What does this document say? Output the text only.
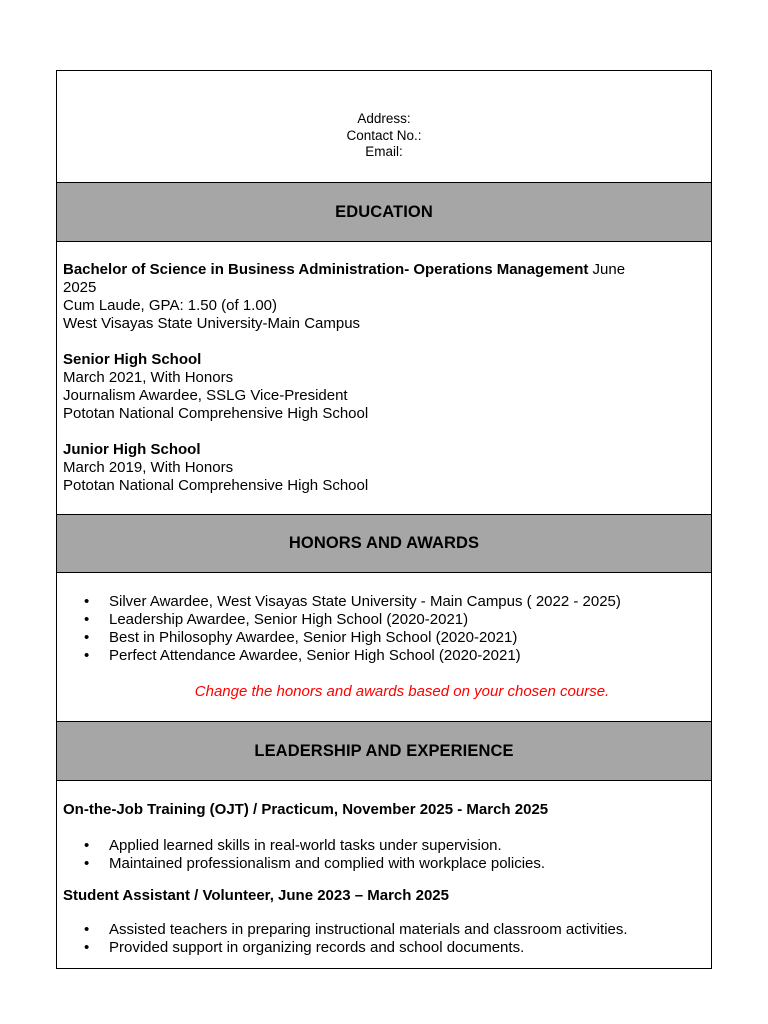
Address:
Contact No.:
Email:
EDUCATION

Bachelor of Science in Business Administration- Operations Management June

2025

Cum Laude, GPA: 1.50 (of 1.00)

West Visayas State University-Main Campus

Senior High School

March 2021, With Honors

Journalism Awardee, SSLG Vice-President

Pototan National Comprehensive High School

Junior High School

March 2019, With Honors

Pototan National Comprehensive High School

HONORS AND AWARDS
• Silver Awardee, West Visayas State University - Main Campus ( 2022 - 2025)
• Leadership Awardee, Senior High School (2020-2021)
• Best in Philosophy Awardee, Senior High School (2020-2021)
• Perfect Attendance Awardee, Senior High School (2020-2021)

Change the honors and awards based on your chosen course.

LEADERSHIP AND EXPERIENCE

On-the-Job Training (OJT) / Practicum, November 2025 - March 2025

• Applied learned skills in real-world tasks under supervision.
• Maintained professionalism and complied with workplace policies.

Student Assistant / Volunteer, June 2023 – March 2025

• Assisted teachers in preparing instructional materials and classroom activities.
• Provided support in organizing records and school documents.
